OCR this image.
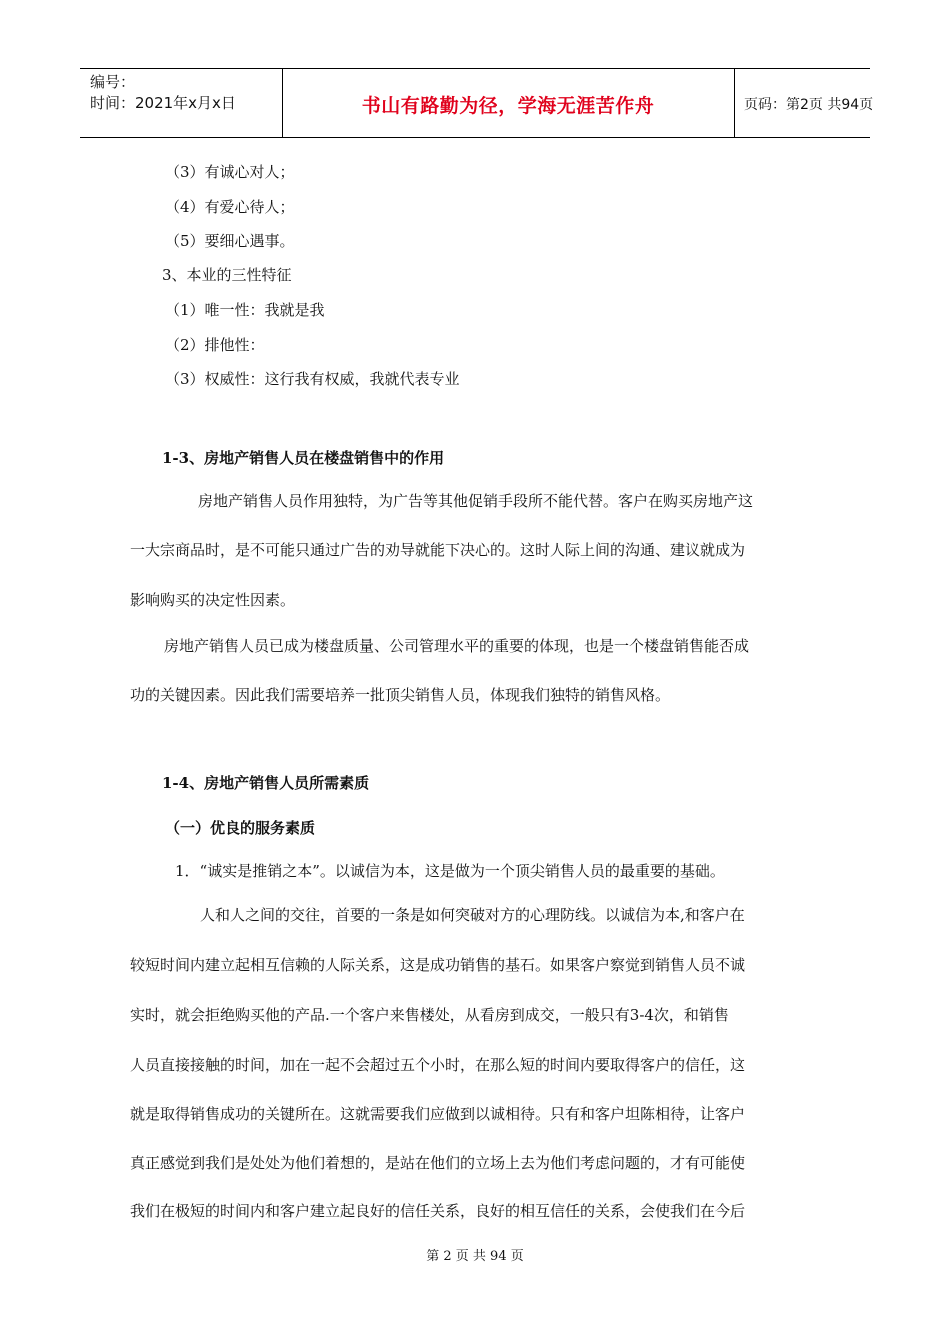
编号：
时间：2021年x月x日	书山有路勤为径，学海无涯苦作舟	页码：第2页 共94页
（3）有诚心对人；
（4）有爱心待人；
（5）要细心遇事。
3、本业的三性特征
（1）唯一性：我就是我
（2）排他性：
（3）权威性：这行我有权威，我就代表专业
1-3、房地产销售人员在楼盘销售中的作用
房地产销售人员作用独特，为广告等其他促销手段所不能代替。客户在购买房地产这
一大宗商品时，是不可能只通过广告的劝导就能下决心的。这时人际上间的沟通、建议就成为
影响购买的决定性因素。
房地产销售人员已成为楼盘质量、公司管理水平的重要的体现，也是一个楼盘销售能否成
功的关键因素。因此我们需要培养一批顶尖销售人员，体现我们独特的销售风格。
1-4、房地产销售人员所需素质
（一）优良的服务素质
1．“诚实是推销之本”。以诚信为本，这是做为一个顶尖销售人员的最重要的基础。
人和人之间的交往，首要的一条是如何突破对方的心理防线。以诚信为本,和客户在
较短时间内建立起相互信赖的人际关系，这是成功销售的基石。如果客户察觉到销售人员不诚
实时，就会拒绝购买他的产品.一个客户来售楼处，从看房到成交，一般只有3-4次，和销售
人员直接接触的时间，加在一起不会超过五个小时，在那么短的时间内要取得客户的信任，这
就是取得销售成功的关键所在。这就需要我们应做到以诚相待。只有和客户坦陈相待，让客户
真正感觉到我们是处处为他们着想的，是站在他们的立场上去为他们考虑问题的，才有可能使
我们在极短的时间内和客户建立起良好的信任关系，良好的相互信任的关系，会使我们在今后
第 2 页 共 94 页
